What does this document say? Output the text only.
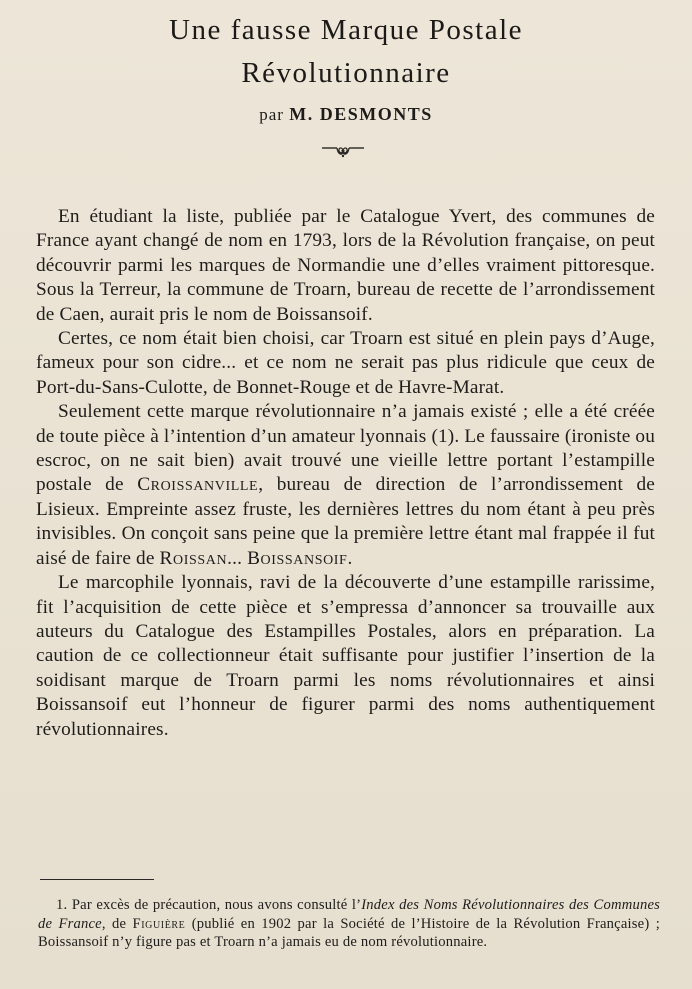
Une fausse Marque Postale
Révolutionnaire
par M. DESMONTS

En étudiant la liste, publiée par le Catalogue Yvert, des communes de France ayant changé de nom en 1793, lors de la Révolution française, on peut découvrir parmi les marques de Normandie une d’elles vraiment pittoresque. Sous la Terreur, la commune de Troarn, bureau de recette de l’arrondissement de Caen, aurait pris le nom de Boissansoif.

Certes, ce nom était bien choisi, car Troarn est situé en plein pays d’Auge, fameux pour son cidre... et ce nom ne serait pas plus ridicule que ceux de Port-du-Sans-Culotte, de Bonnet-Rouge et de Havre-Marat.

Seulement cette marque révolutionnaire n’a jamais existé ; elle a été créée de toute pièce à l’intention d’un amateur lyonnais (1). Le faussaire (ironiste ou escroc, on ne sait bien) avait trouvé une vieille lettre portant l’estampille postale de Croissanville, bureau de direction de l’arrondissement de Lisieux. Empreinte assez fruste, les dernières lettres du nom étant à peu près invisibles. On conçoit sans peine que la première lettre étant mal frappée il fut aisé de faire de Roissan... Boissansoif.

Le marcophile lyonnais, ravi de la découverte d’une estampille rarissime, fit l’acquisition de cette pièce et s’empressa d’annoncer sa trouvaille aux auteurs du Catalogue des Estampilles Postales, alors en préparation. La caution de ce collectionneur était suffisante pour justifier l’insertion de la soidisant marque de Troarn parmi les noms révolutionnaires et ainsi Boissansoif eut l’honneur de figurer parmi des noms authentiquement révolutionnaires.

1. Par excès de précaution, nous avons consulté l’Index des Noms Révolutionnaires des Communes de France, de Figuière (publié en 1902 par la Société de l’Histoire de la Révolution Française) ; Boissansoif n’y figure pas et Troarn n’a jamais eu de nom révolutionnaire.
